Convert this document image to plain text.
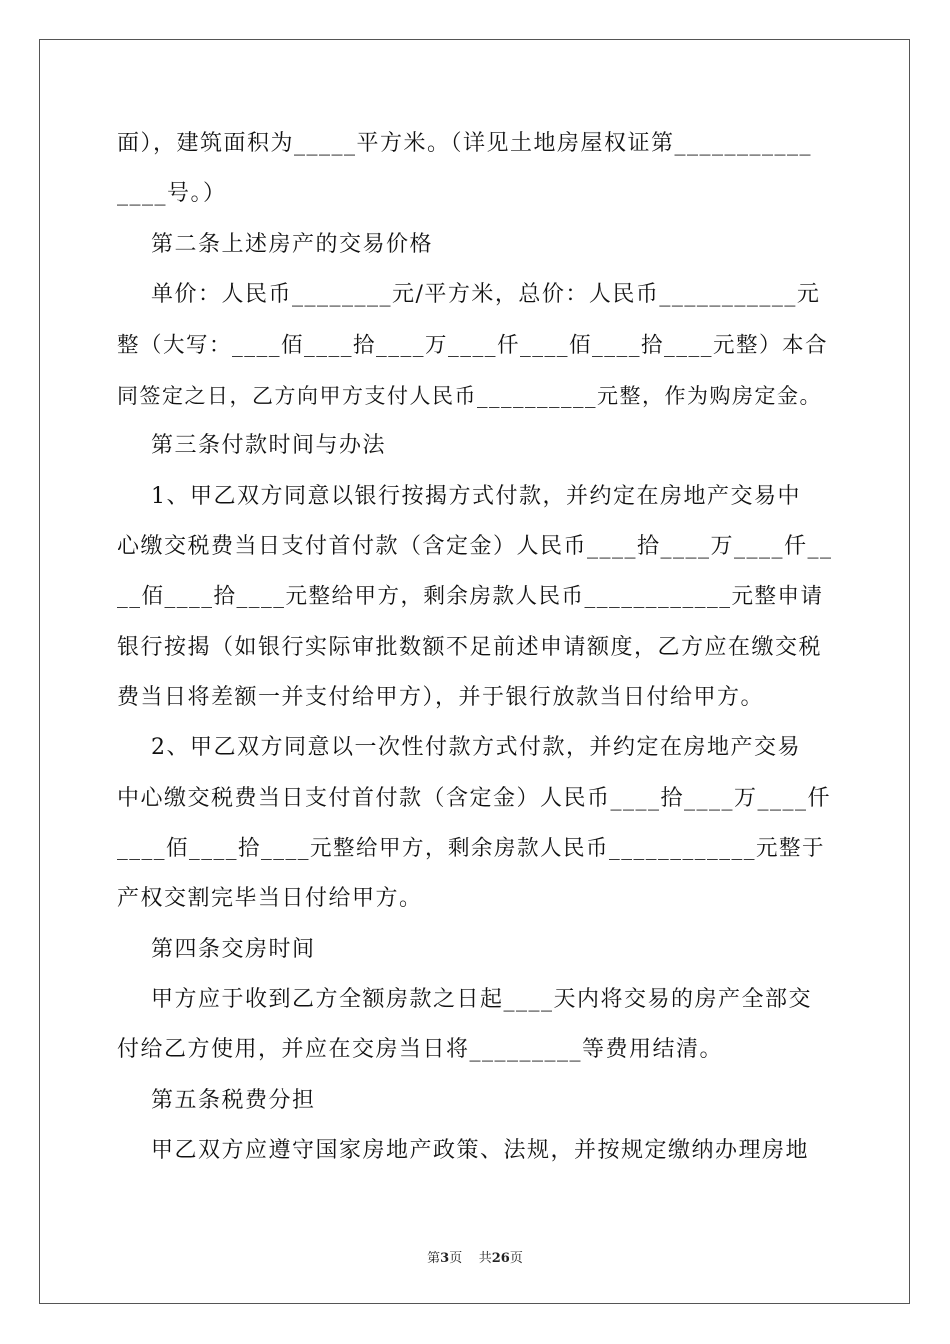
面），建筑面积为_____平方米。（详见土地房屋权证第___________
____号。）
第二条上述房产的交易价格
单价：人民币________元/平方米，总价：人民币___________元
整（大写：____佰____拾____万____仟____佰____拾____元整）本合
同签定之日，乙方向甲方支付人民币__________元整，作为购房定金。
第三条付款时间与办法
1、甲乙双方同意以银行按揭方式付款，并约定在房地产交易中
心缴交税费当日支付首付款（含定金）人民币____拾____万____仟__
__佰____拾____元整给甲方，剩余房款人民币____________元整申请
银行按揭（如银行实际审批数额不足前述申请额度，乙方应在缴交税
费当日将差额一并支付给甲方），并于银行放款当日付给甲方。
2、甲乙双方同意以一次性付款方式付款，并约定在房地产交易
中心缴交税费当日支付首付款（含定金）人民币____拾____万____仟
____佰____拾____元整给甲方，剩余房款人民币____________元整于
产权交割完毕当日付给甲方。
第四条交房时间
甲方应于收到乙方全额房款之日起____天内将交易的房产全部交
付给乙方使用，并应在交房当日将_________等费用结清。
第五条税费分担
甲乙双方应遵守国家房地产政策、法规，并按规定缴纳办理房地
第3页 共26页
